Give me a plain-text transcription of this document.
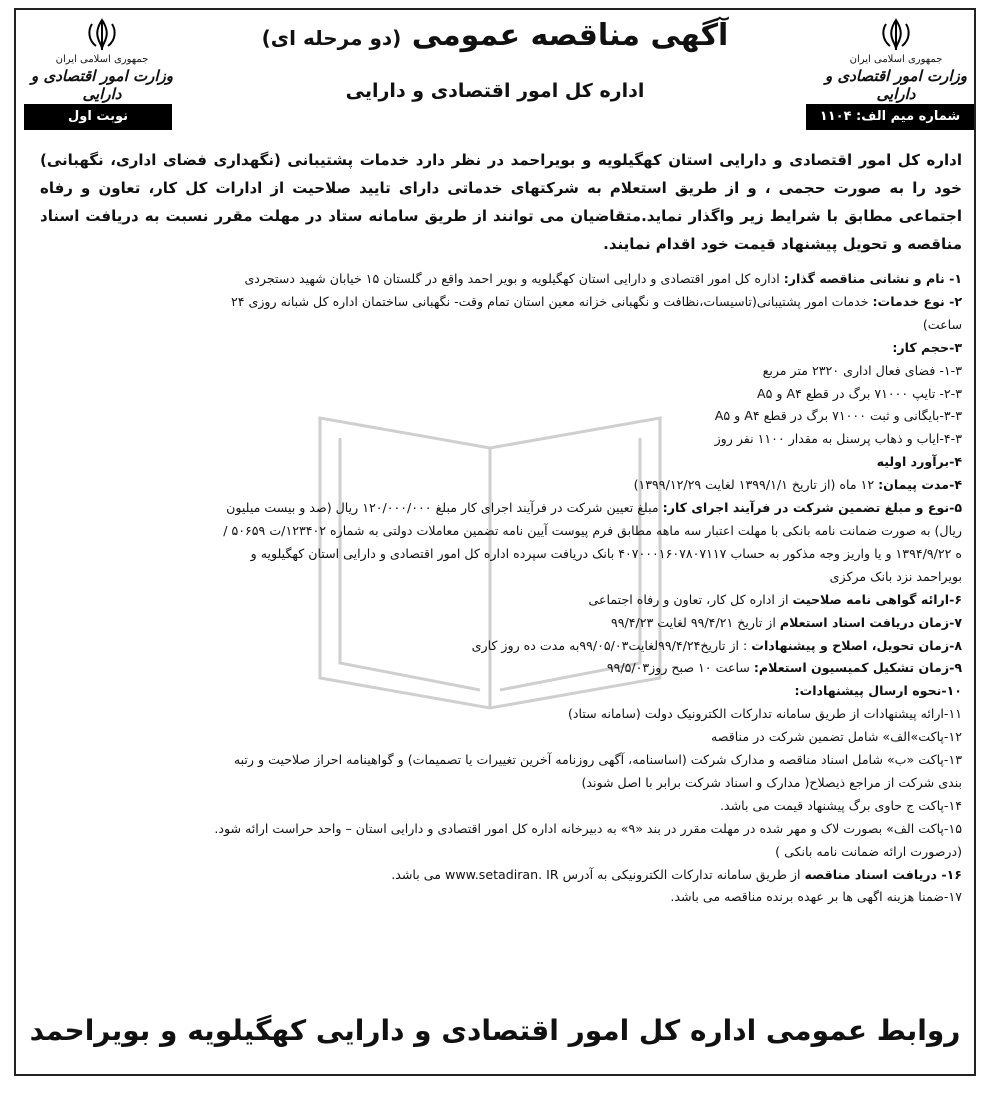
جمهوری اسلامی ایران
وزارت امور اقتصادی و دارایی
جمهوری اسلامی ایران
وزارت امور اقتصادی و دارایی
نوبت اول	شماره میم الف: ۱۱۰۴
آگهی مناقصه عمومی (دو مرحله ای)
اداره کل امور اقتصادی و دارایی
اداره کل امور اقتصادی و دارایی استان کهگیلویه و بویراحمد در نظر دارد خدمات پشتیبانی (نگهداری فضای اداری، نگهبانی) خود را به صورت حجمی ، و از طریق استعلام به شرکتهای خدماتی دارای تایید صلاحیت از ادارات کل کار، تعاون و رفاه اجتماعی مطابق با شرایط زیر واگذار نماید.متقاضیان می توانند از طریق سامانه ستاد در مهلت مقرر نسبت به دریافت اسناد مناقصه و تحویل پیشنهاد قیمت خود اقدام نمایند.
۱- نام و نشانی مناقصه گذار: اداره کل امور اقتصادی و دارایی استان کهگیلویه و بویر احمد واقع در گلستان ۱۵ خیابان شهید دستجردی
۲- نوع خدمات: خدمات امور پشتیبانی(تاسیسات،نظافت و نگهبانی خزانه معین استان تمام وقت- نگهبانی ساختمان اداره کل شبانه روزی ۲۴
ساعت)
۳-حجم کار:
۱-۳- فضای فعال اداری ۲۳۲۰ متر مربع
۲-۳- تایپ ۷۱۰۰۰ برگ در قطع A۴ و A۵
۳-۳-بایگانی و ثبت ۷۱۰۰۰ برگ در قطع A۴ و A۵
۴-۳-ایاب و ذهاب پرسنل به مقدار ۱۱۰۰ نفر روز
۴-برآورد اولیه
۴-مدت پیمان: ۱۲ ماه (از تاریخ ۱۳۹۹/۱/۱ لغایت ۱۳۹۹/۱۲/۲۹)
۵-نوع و مبلغ تضمین شرکت در فرآیند اجرای کار: مبلغ تعیین شرکت در فرآیند اجرای کار مبلغ ۱۲۰/۰۰۰/۰۰۰ ریال (صد و بیست میلیون
ریال) به صورت ضمانت نامه بانکی با مهلت اعتبار سه ماهه مطابق فرم پیوست آیین نامه تضمین معاملات دولتی به شماره ۱۲۳۴۰۲/ت ۵۰۶۵۹ /
ه ۱۳۹۴/۹/۲۲ و یا واریز وجه مذکور به حساب ۴۰۷۰۰۰۱۶۰۷۸۰۷۱۱۷ بانک دریافت سپرده اداره کل امور اقتصادی و دارایی استان کهگیلویه و
بویراحمد نزد بانک مرکزی
۶-ارائه گواهی نامه صلاحیت از اداره کل کار، تعاون و رفاه اجتماعی
۷-زمان دریافت اسناد استعلام از تاریخ ۹۹/۴/۲۱ لغایت ۹۹/۴/۲۳
۸-زمان تحویل، اصلاح و پیشنهادات : از تاریخ۹۹/۴/۲۴لغایت۹۹/۰۵/۰۳به مدت ده روز کاری
۹-زمان تشکیل کمیسیون استعلام: ساعت ۱۰ صبح روز۹۹/۵/۰۳
۱۰-نحوه ارسال پیشنهادات:
۱۱-ارائه پیشنهادات از طریق سامانه تدارکات الکترونیک دولت (سامانه ستاد)
۱۲-پاکت»الف» شامل تضمین شرکت در مناقصه
۱۳-پاکت «ب» شامل اسناد مناقصه و مدارک شرکت (اساسنامه، آگهی روزنامه آخرین تغییرات یا تصمیمات) و گواهینامه احراز صلاحیت و رتبه
بندی شرکت از مراجع ذیصلاح( مدارک و اسناد شرکت برابر با اصل شوند)
۱۴-پاکت ج حاوی برگ پیشنهاد قیمت می باشد.
۱۵-پاکت الف» بصورت لاک و مهر شده در مهلت مقرر در بند «۹» به دبیرخانه اداره کل امور اقتصادی و دارایی استان – واحد حراست ارائه شود.
(درصورت ارائه ضمانت نامه بانکی )
۱۶- دریافت اسناد مناقصه از طریق سامانه تدارکات الکترونیکی به آدرس www.setadiran. IR می باشد.
۱۷-ضمنا هزینه اگهی ها بر عهده برنده مناقصه می باشد.
روابط عمومی اداره کل امور اقتصادی و دارایی کهگیلویه و بویراحمد
